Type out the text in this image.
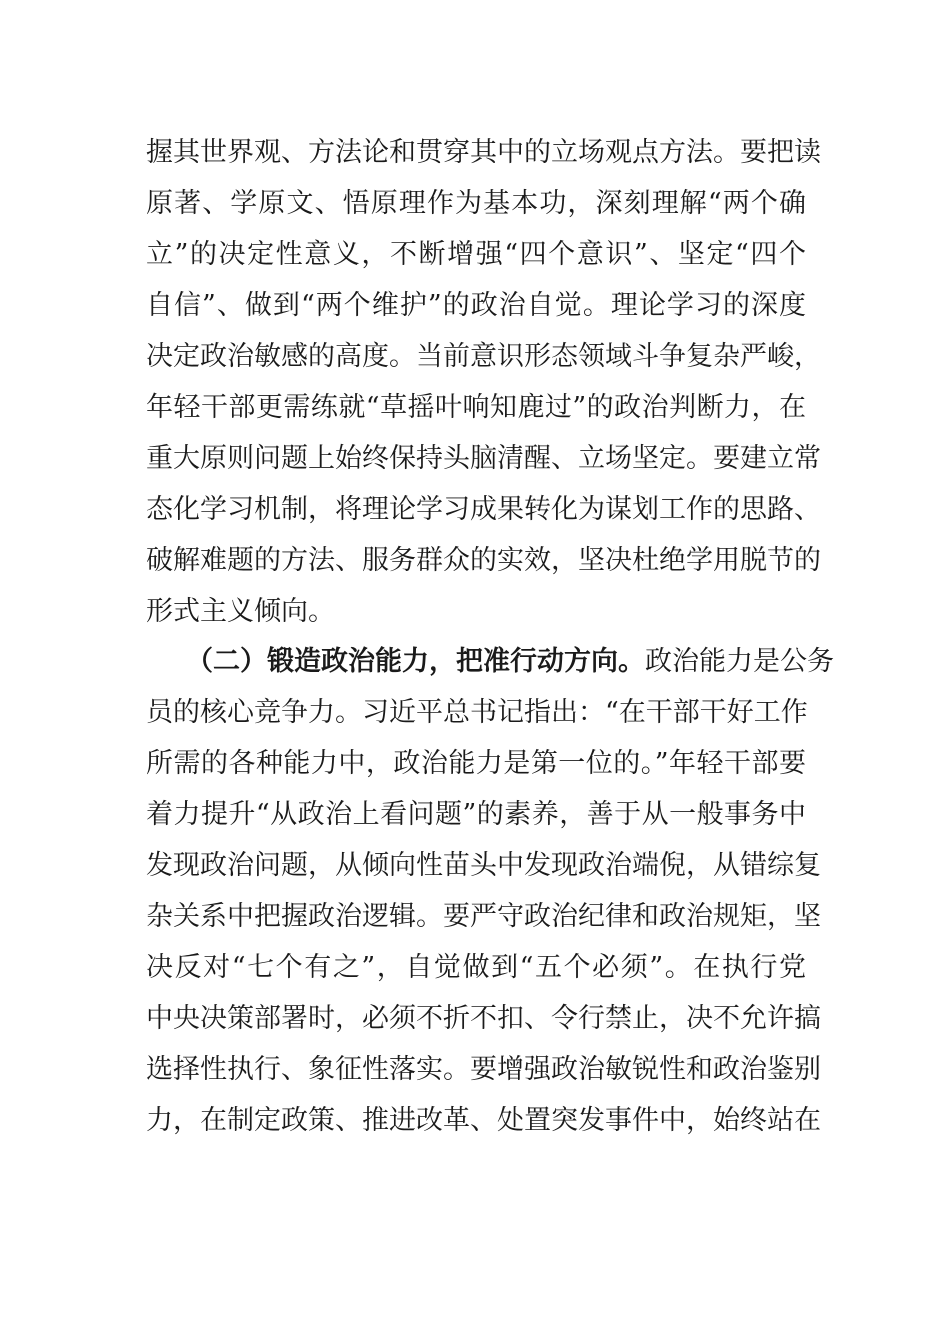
握其世界观、方法论和贯穿其中的立场观点方法。要把读
原著、学原文、悟原理作为基本功，深刻理解“两个确
立”的决定性意义，不断增强“四个意识”、坚定“四个
自信”、做到“两个维护”的政治自觉。理论学习的深度
决定政治敏感的高度。当前意识形态领域斗争复杂严峻，
年轻干部更需练就“草摇叶响知鹿过”的政治判断力，在
重大原则问题上始终保持头脑清醒、立场坚定。要建立常
态化学习机制，将理论学习成果转化为谋划工作的思路、
破解难题的方法、服务群众的实效，坚决杜绝学用脱节的
形式主义倾向。
（二）锻造政治能力，把准行动方向。政治能力是公务
员的核心竞争力。习近平总书记指出：“在干部干好工作
所需的各种能力中，政治能力是第一位的。”年轻干部要
着力提升“从政治上看问题”的素养，善于从一般事务中
发现政治问题，从倾向性苗头中发现政治端倪，从错综复
杂关系中把握政治逻辑。要严守政治纪律和政治规矩，坚
决反对“七个有之”，自觉做到“五个必须”。在执行党
中央决策部署时，必须不折不扣、令行禁止，决不允许搞
选择性执行、象征性落实。要增强政治敏锐性和政治鉴别
力，在制定政策、推进改革、处置突发事件中，始终站在
